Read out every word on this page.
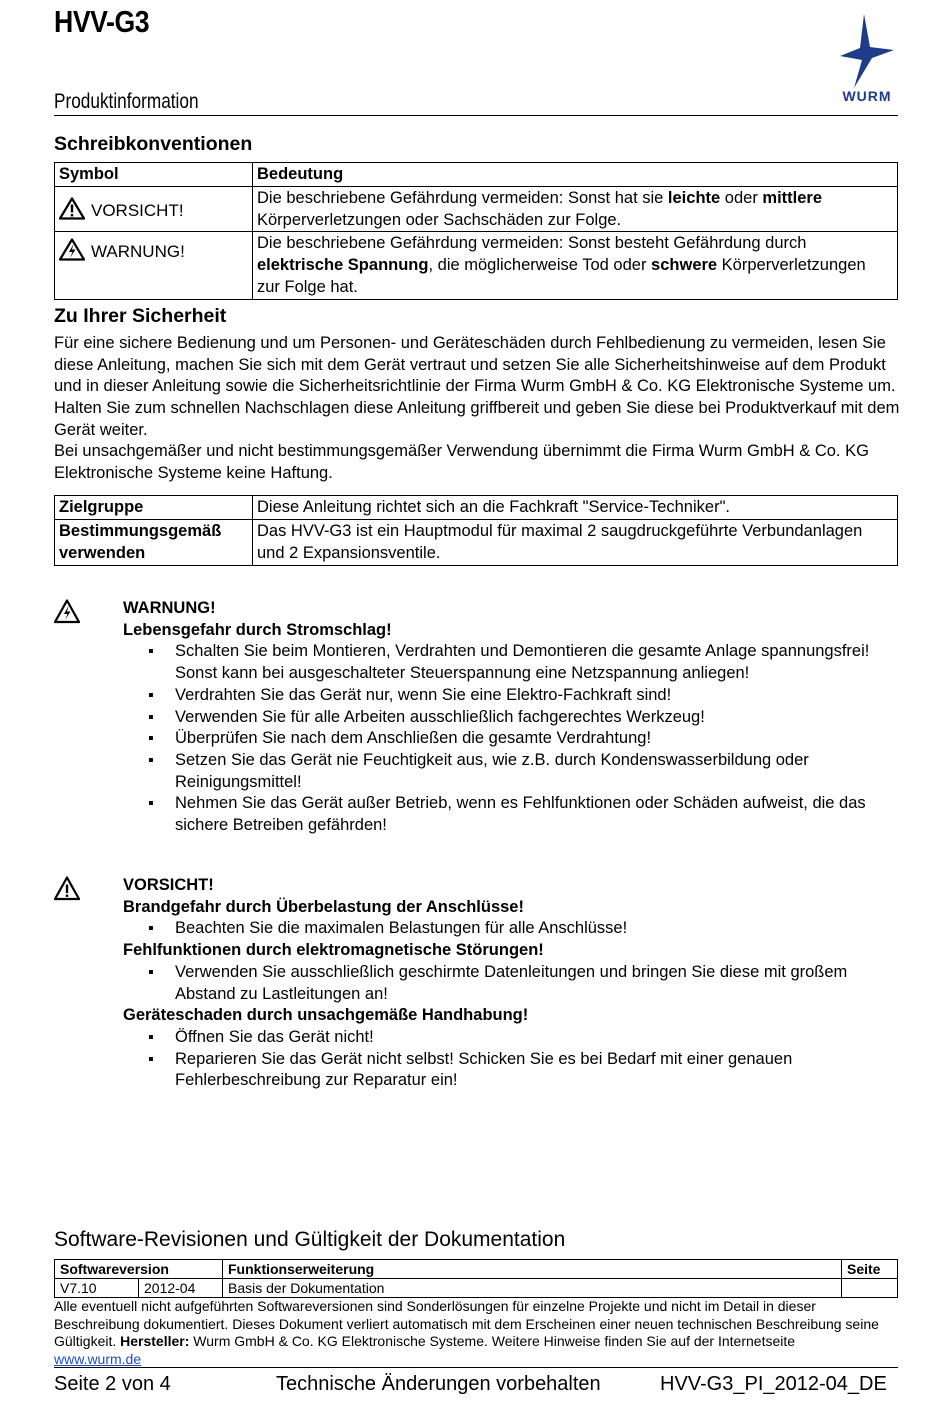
HVV-G3
Produktinformation	WURM
Schreibkonventionen
Symbol	Bedeutung
VORSICHT!	Die beschriebene Gefährdung vermeiden: Sonst hat sie leichte oder mittlere Körperverletzungen oder Sachschäden zur Folge.
WARNUNG!	Die beschriebene Gefährdung vermeiden: Sonst besteht Gefährdung durch elektrische Spannung, die möglicherweise Tod oder schwere Körperverletzungen zur Folge hat.
Zu Ihrer Sicherheit

Für eine sichere Bedienung und um Personen- und Geräteschäden durch Fehlbedienung zu vermeiden, lesen Sie diese Anleitung, machen Sie sich mit dem Gerät vertraut und setzen Sie alle Sicherheitshinweise auf dem Produkt und in dieser Anleitung sowie die Sicherheitsrichtlinie der Firma Wurm GmbH & Co. KG Elektronische Systeme um. Halten Sie zum schnellen Nachschlagen diese Anleitung griffbereit und geben Sie diese bei Produktverkauf mit dem Gerät weiter.

Bei unsachgemäßer und nicht bestimmungsgemäßer Verwendung übernimmt die Firma Wurm GmbH & Co. KG Elektronische Systeme keine Haftung.

Zielgruppe	Diese Anleitung richtet sich an die Fachkraft "Service-Techniker".
Bestimmungsgemäß verwenden	Das HVV-G3 ist ein Hauptmodul für maximal 2 saugdruckgeführte Verbundanlagen und 2 Expansionsventile.
WARNUNG!
Lebensgefahr durch Stromschlag!
▪ Schalten Sie beim Montieren, Verdrahten und Demontieren die gesamte Anlage spannungsfrei! Sonst kann bei ausgeschalteter Steuerspannung eine Netzspannung anliegen!
▪ Verdrahten Sie das Gerät nur, wenn Sie eine Elektro-Fachkraft sind!
▪ Verwenden Sie für alle Arbeiten ausschließlich fachgerechtes Werkzeug!
▪ Überprüfen Sie nach dem Anschließen die gesamte Verdrahtung!
▪ Setzen Sie das Gerät nie Feuchtigkeit aus, wie z.B. durch Kondenswasserbildung oder Reinigungsmittel!
▪ Nehmen Sie das Gerät außer Betrieb, wenn es Fehlfunktionen oder Schäden aufweist, die das sichere Betreiben gefährden!
VORSICHT!
Brandgefahr durch Überbelastung der Anschlüsse!
▪ Beachten Sie die maximalen Belastungen für alle Anschlüsse!
Fehlfunktionen durch elektromagnetische Störungen!
▪ Verwenden Sie ausschließlich geschirmte Datenleitungen und bringen Sie diese mit großem Abstand zu Lastleitungen an!
Geräteschaden durch unsachgemäße Handhabung!
▪ Öffnen Sie das Gerät nicht!
▪ Reparieren Sie das Gerät nicht selbst! Schicken Sie es bei Bedarf mit einer genauen Fehlerbeschreibung zur Reparatur ein!
Software-Revisionen und Gültigkeit der Dokumentation
Softwareversion		Funktionserweiterung	Seite
V7.10	2012-04	Basis der Dokumentation	
Alle eventuell nicht aufgeführten Softwareversionen sind Sonderlösungen für einzelne Projekte und nicht im Detail in dieser Beschreibung dokumentiert. Dieses Dokument verliert automatisch mit dem Erscheinen einer neuen technischen Beschreibung seine Gültigkeit. Hersteller: Wurm GmbH & Co. KG Elektronische Systeme. Weitere Hinweise finden Sie auf der Internetseite
www.wurm.de
Seite 2 von 4	Technische Änderungen vorbehalten	HVV-G3_PI_2012-04_DE
